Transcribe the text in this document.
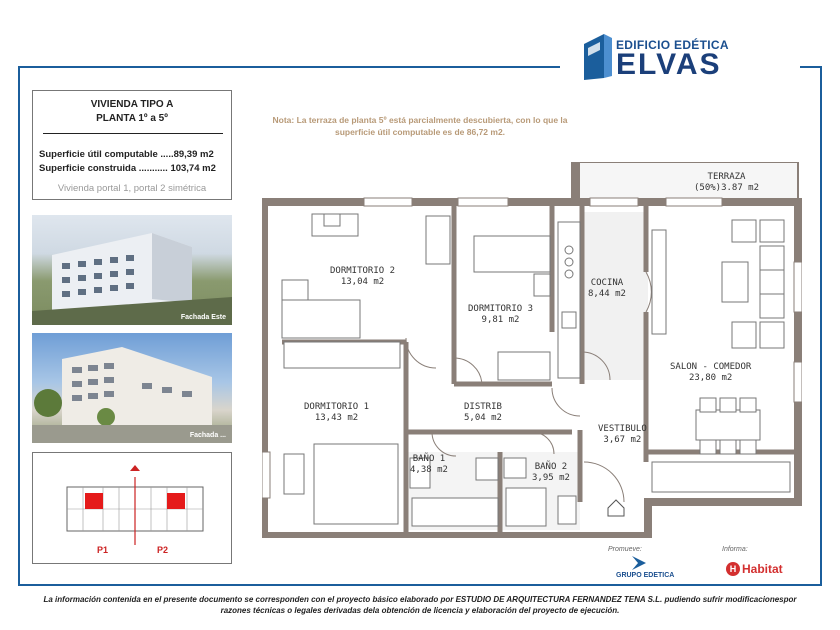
EDIFICIO EDÉTICA
ELVAS
VIVIENDA TIPO A
PLANTA 1º a 5º
Superficie útil computable .....89,39 m2
Superficie construida ........... 103,74 m2
Vivienda portal 1, portal 2 simétrica
Fachada Este
Fachada ...
P1	P2
Nota: La terraza de planta 5º está parcialmente descubierta, con lo que la superficie útil computable es de 86,72 m2.
TERRAZA
(50%)3.87 m2
DORMITORIO 2
13,04 m2
DORMITORIO 3
9,81 m2
COCINA
8,44 m2
SALON - COMEDOR
23,80 m2
DORMITORIO 1
13,43 m2
DISTRIB
5,04 m2
VESTIBULO
3,67 m2
BAÑO 1
4,38 m2	BAÑO 2
3,95 m2
Promueve:
GRUPO EDETICA
Informa:
H Habitat
La información contenida en el presente documento se corresponden con el proyecto básico elaborado por ESTUDIO DE ARQUITECTURA FERNANDEZ TENA S.L. pudiendo sufrir modificacionespor razones técnicas o legales derivadas dela obtención de licencia y elaboración del proyecto de ejecución.
